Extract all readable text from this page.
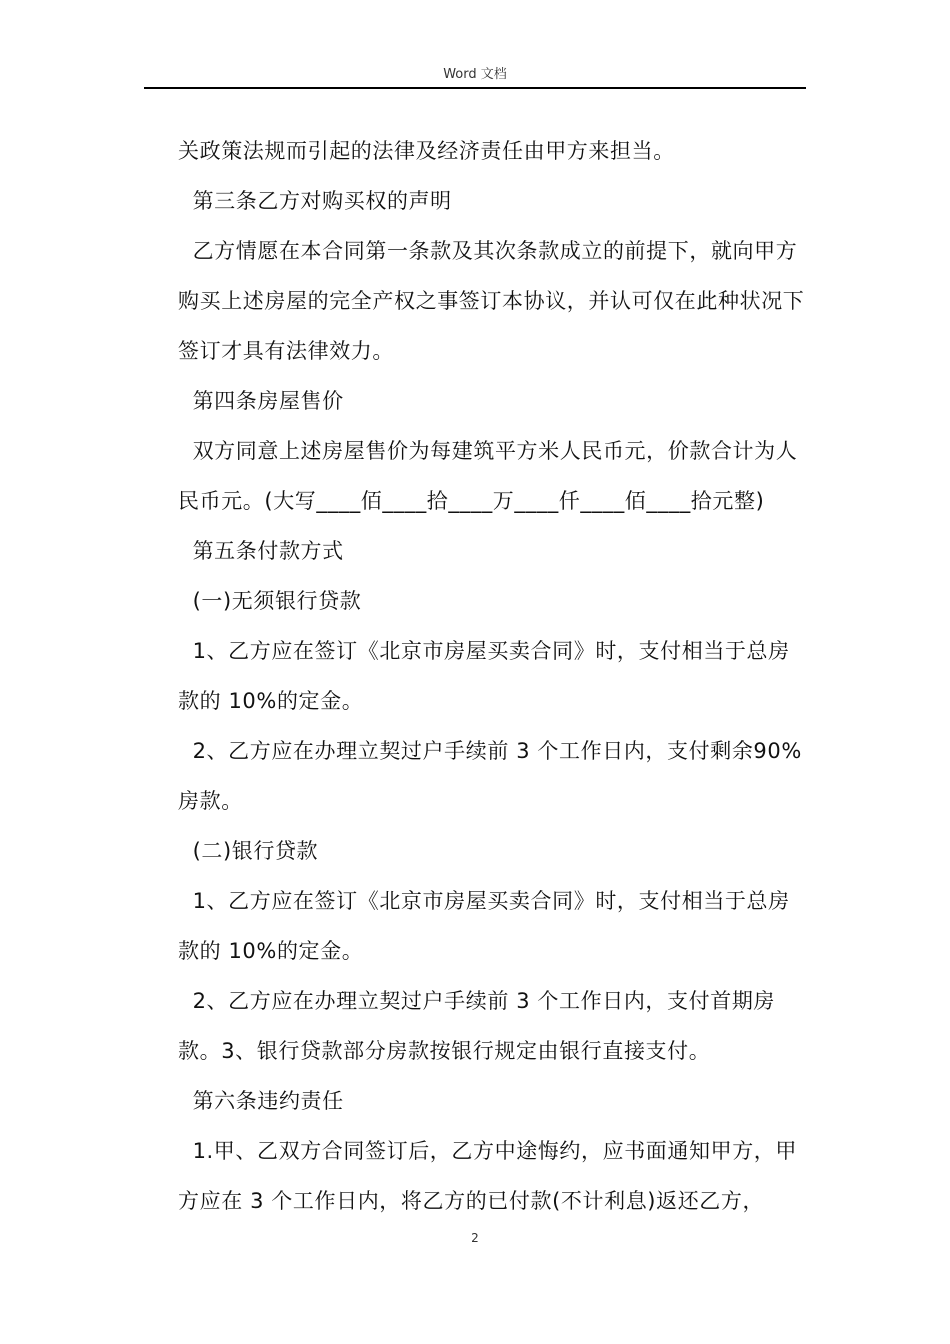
Word 文档

关政策法规而引起的法律及经济责任由甲方来担当。

第三条乙方对购买权的声明

乙方情愿在本合同第一条款及其次条款成立的前提下，就向甲方购买上述房屋的完全产权之事签订本协议，并认可仅在此种状况下签订才具有法律效力。

第四条房屋售价

双方同意上述房屋售价为每建筑平方米人民币元，价款合计为人民币元。(大写____佰____拾____万____仟____佰____拾元整)

第五条付款方式

(一)无须银行贷款

1、乙方应在签订《北京市房屋买卖合同》时，支付相当于总房款的 10%的定金。

2、乙方应在办理立契过户手续前 3 个工作日内，支付剩余90%房款。

(二)银行贷款

1、乙方应在签订《北京市房屋买卖合同》时，支付相当于总房款的 10%的定金。

2、乙方应在办理立契过户手续前 3 个工作日内，支付首期房款。3、银行贷款部分房款按银行规定由银行直接支付。

第六条违约责任

1.甲、乙双方合同签订后，乙方中途悔约，应书面通知甲方，甲方应在 3 个工作日内，将乙方的已付款(不计利息)返还乙方，

2
